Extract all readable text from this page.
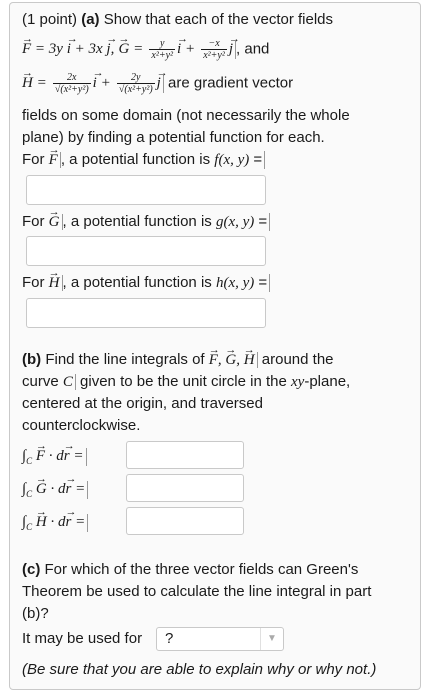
(1 point) (a) Show that each of the vector fields
→ F = 3y → i + 3x → j, → $G = \frac{y}{\text{x²+y²}}$
→ $i + \frac{-x}{\text{x²+y²}}$
→ j , and
→ $H = \frac{2x}{\text{√(x²+y²)}}$
→ $i + \frac{2y}{\text{√(x²+y²)}}$
→ j are gradient vector
fields on some domain (not necessarily the whole
plane) by finding a potential function for each.
For → F , a potential function is f(x, y) =
For → G , a potential function is g(x, y) =
For → H , a potential function is h(x, y) =
(b) Find the line integrals of → F, → G, → H around the
curve C given to be the unit circle in the xy-plane,
centered at the origin, and traversed
counterclockwise.
$\int_C \to F \cdot d\to r$ =
$\int_C \to G \cdot d\to r$ =
$\int_C \to H \cdot d\to r$ =
(c) For which of the three vector fields can Green's
Theorem be used to calculate the line integral in part
(b)?
It may be used for	?	▼
(Be sure that you are able to explain why or why not.)
